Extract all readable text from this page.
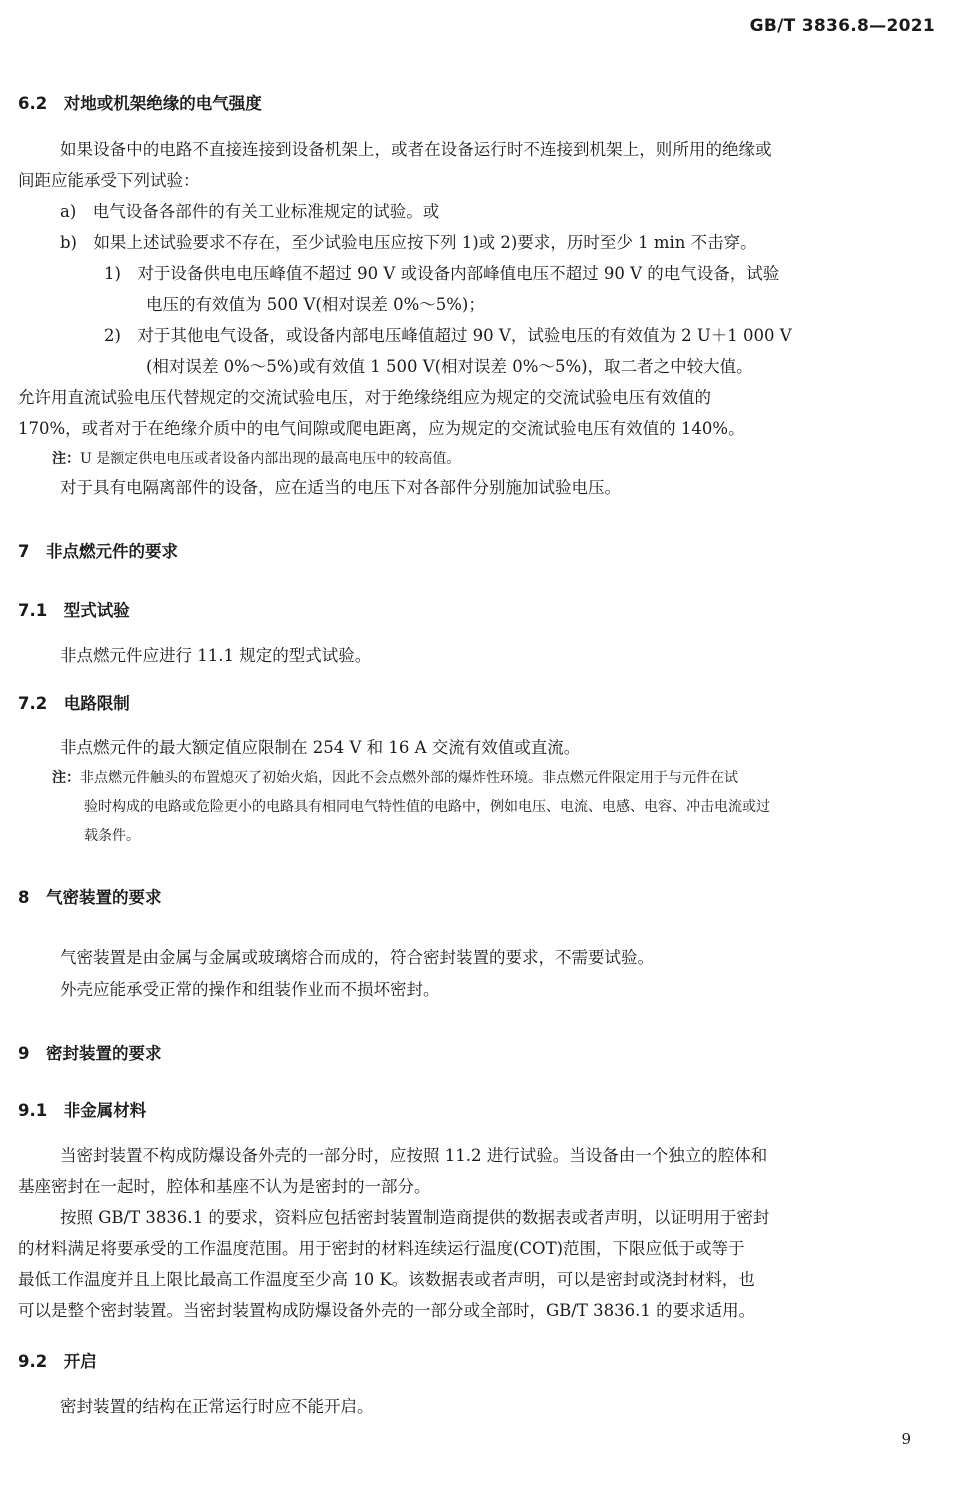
GB/T 3836.8—2021
6.2　对地或机架绝缘的电气强度
如果设备中的电路不直接连接到设备机架上，或者在设备运行时不连接到机架上，则所用的绝缘或
间距应能承受下列试验：
a)　电气设备各部件的有关工业标准规定的试验。或
b)　如果上述试验要求不存在，至少试验电压应按下列 1)或 2)要求，历时至少 1 min 不击穿。
1)　对于设备供电电压峰值不超过 90 V 或设备内部峰值电压不超过 90 V 的电气设备，试验
电压的有效值为 500 V(相对误差 0%～5%)；
2)　对于其他电气设备，或设备内部电压峰值超过 90 V，试验电压的有效值为 2 U＋1 000 V
(相对误差 0%～5%)或有效值 1 500 V(相对误差 0%～5%)，取二者之中较大值。
允许用直流试验电压代替规定的交流试验电压，对于绝缘绕组应为规定的交流试验电压有效值的
170%，或者对于在绝缘介质中的电气间隙或爬电距离，应为规定的交流试验电压有效值的 140%。
注：U 是额定供电电压或者设备内部出现的最高电压中的较高值。
对于具有电隔离部件的设备，应在适当的电压下对各部件分别施加试验电压。
7　非点燃元件的要求
7.1　型式试验
非点燃元件应进行 11.1 规定的型式试验。
7.2　电路限制
非点燃元件的最大额定值应限制在 254 V 和 16 A 交流有效值或直流。
注：非点燃元件触头的布置熄灭了初始火焰，因此不会点燃外部的爆炸性环境。非点燃元件限定用于与元件在试
验时构成的电路或危险更小的电路具有相同电气特性值的电路中，例如电压、电流、电感、电容、冲击电流或过
载条件。
8　气密装置的要求
气密装置是由金属与金属或玻璃熔合而成的，符合密封装置的要求，不需要试验。
外壳应能承受正常的操作和组装作业而不损坏密封。
9　密封装置的要求
9.1　非金属材料
当密封装置不构成防爆设备外壳的一部分时，应按照 11.2 进行试验。当设备由一个独立的腔体和
基座密封在一起时，腔体和基座不认为是密封的一部分。
按照 GB/T 3836.1 的要求，资料应包括密封装置制造商提供的数据表或者声明，以证明用于密封
的材料满足将要承受的工作温度范围。用于密封的材料连续运行温度(COT)范围，下限应低于或等于
最低工作温度并且上限比最高工作温度至少高 10 K。该数据表或者声明，可以是密封或浇封材料，也
可以是整个密封装置。当密封装置构成防爆设备外壳的一部分或全部时，GB/T 3836.1 的要求适用。
9.2　开启
密封装置的结构在正常运行时应不能开启。
9
